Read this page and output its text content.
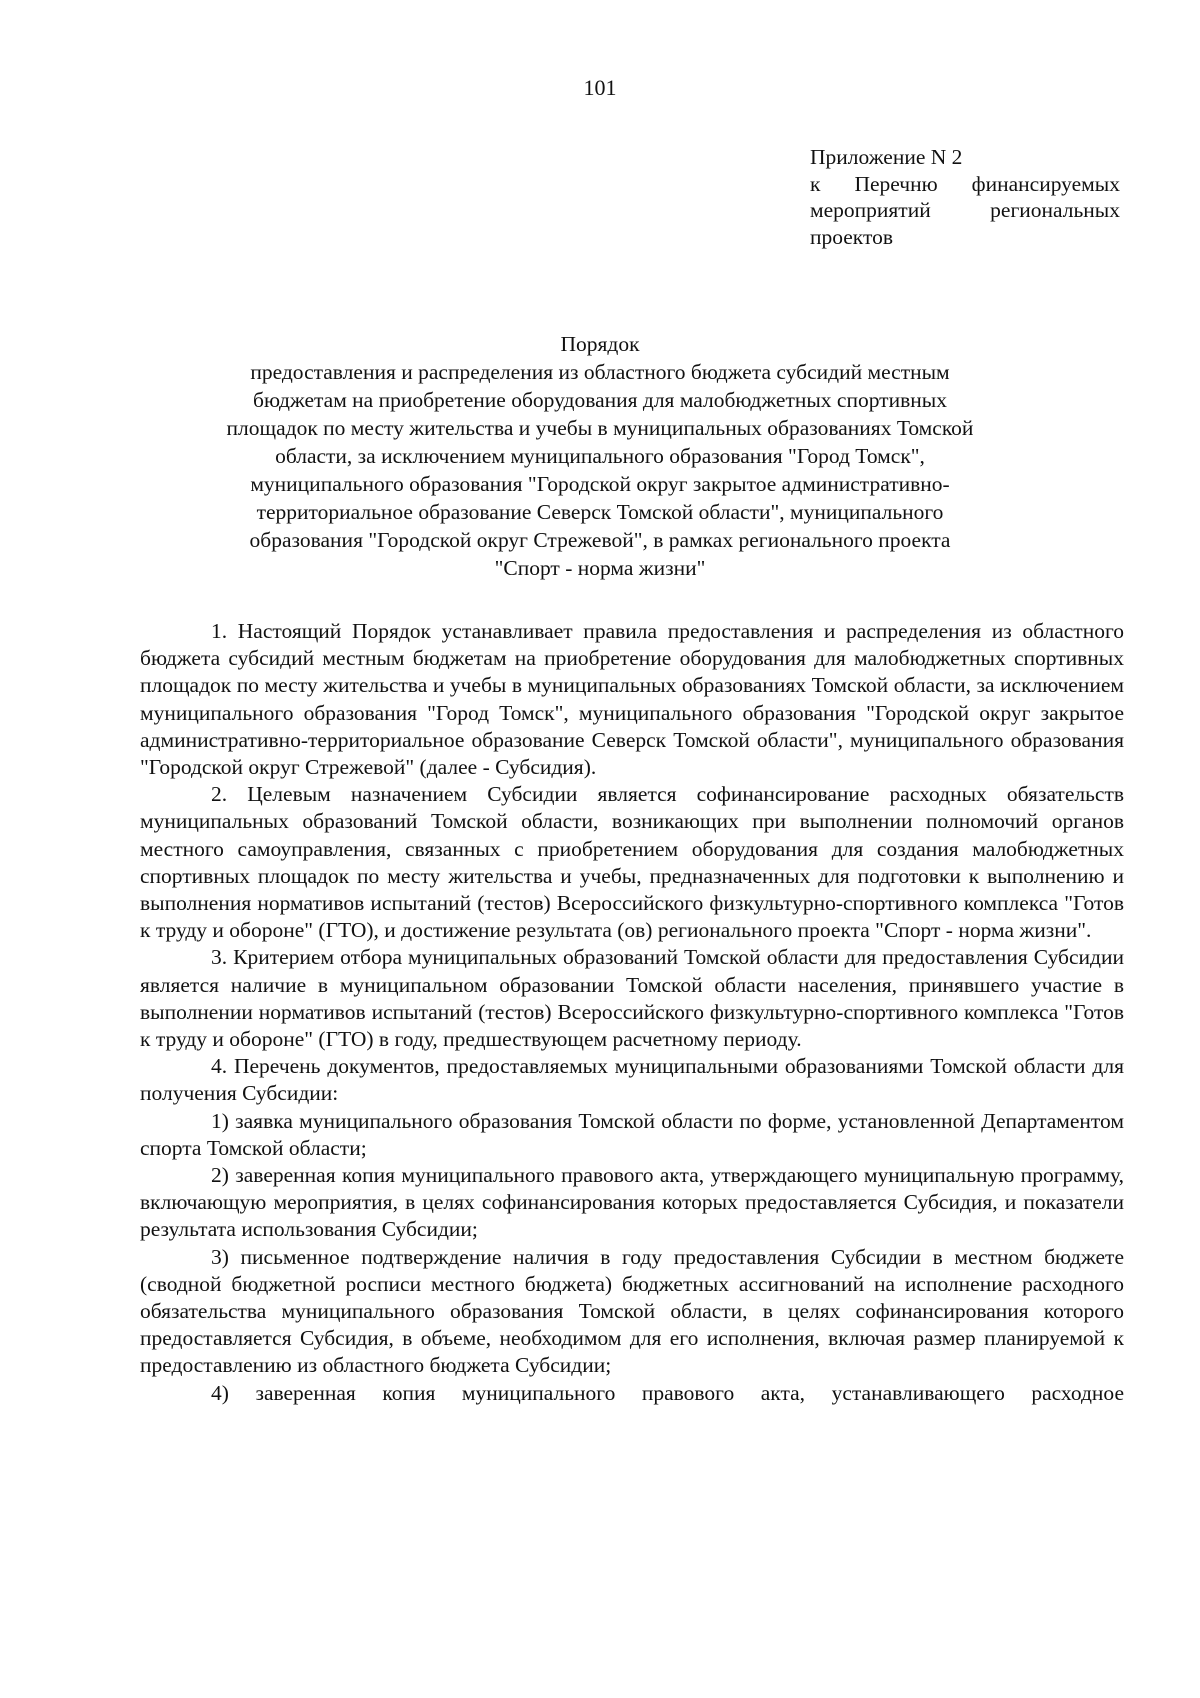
101
Приложение N 2
к Перечню финансируемых
мероприятий региональных
проектов
Порядок
предоставления и распределения из областного бюджета субсидий местным
бюджетам на приобретение оборудования для малобюджетных спортивных
площадок по месту жительства и учебы в муниципальных образованиях Томской
области, за исключением муниципального образования "Город Томск",
муниципального образования "Городской округ закрытое административно-
территориальное образование Северск Томской области", муниципального
образования "Городской округ Стрежевой", в рамках регионального проекта
"Спорт - норма жизни"

1. Настоящий Порядок устанавливает правила предоставления и распределения из областного бюджета субсидий местным бюджетам на приобретение оборудования для малобюджетных спортивных площадок по месту жительства и учебы в муниципальных образованиях Томской области, за исключением муниципального образования "Город Томск", муниципального образования "Городской округ закрытое административно-территориальное образование Северск Томской области", муниципального образования "Городской округ Стрежевой" (далее - Субсидия).

2. Целевым назначением Субсидии является софинансирование расходных обязательств муниципальных образований Томской области, возникающих при выполнении полномочий органов местного самоуправления, связанных с приобретением оборудования для создания малобюджетных спортивных площадок по месту жительства и учебы, предназначенных для подготовки к выполнению и выполнения нормативов испытаний (тестов) Всероссийского физкультурно-спортивного комплекса "Готов к труду и обороне" (ГТО), и достижение результата (ов) регионального проекта "Спорт - норма жизни".

3. Критерием отбора муниципальных образований Томской области для предоставления Субсидии является наличие в муниципальном образовании Томской области населения, принявшего участие в выполнении нормативов испытаний (тестов) Всероссийского физкультурно-спортивного комплекса "Готов к труду и обороне" (ГТО) в году, предшествующем расчетному периоду.

4. Перечень документов, предоставляемых муниципальными образованиями Томской области для получения Субсидии:

1) заявка муниципального образования Томской области по форме, установленной Департаментом спорта Томской области;

2) заверенная копия муниципального правового акта, утверждающего муниципальную программу, включающую мероприятия, в целях софинансирования которых предоставляется Субсидия, и показатели результата использования Субсидии;

3) письменное подтверждение наличия в году предоставления Субсидии в местном бюджете (сводной бюджетной росписи местного бюджета) бюджетных ассигнований на исполнение расходного обязательства муниципального образования Томской области, в целях софинансирования которого предоставляется Субсидия, в объеме, необходимом для его исполнения, включая размер планируемой к предоставлению из областного бюджета Субсидии;

4) заверенная копия муниципального правового акта, устанавливающего расходное
